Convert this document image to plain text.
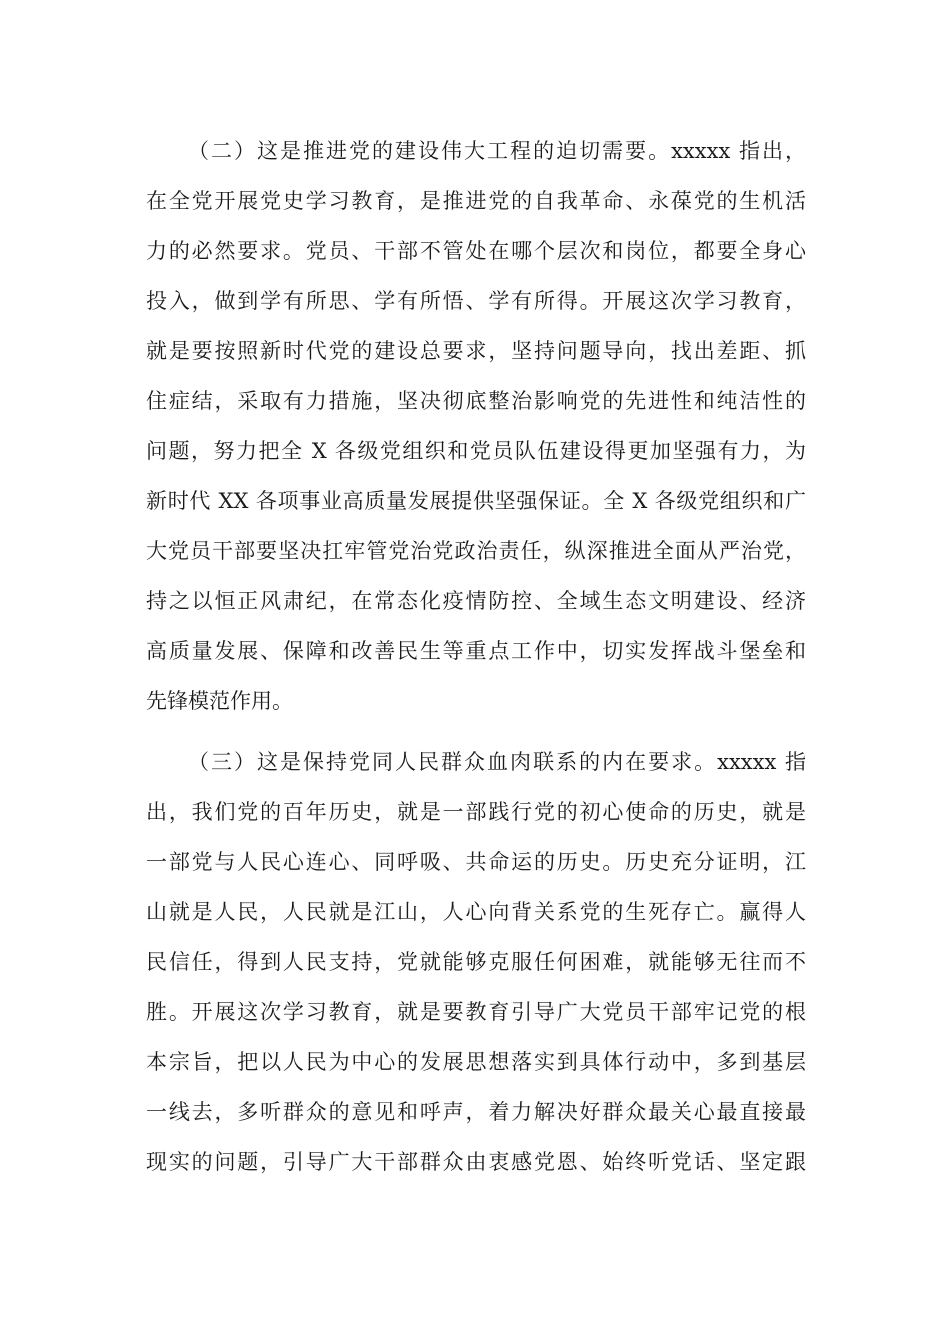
（二）这是推进党的建设伟大工程的迫切需要。xxxxx 指出，
在全党开展党史学习教育，是推进党的自我革命、永葆党的生机活
力的必然要求。党员、干部不管处在哪个层次和岗位，都要全身心
投入，做到学有所思、学有所悟、学有所得。开展这次学习教育，
就是要按照新时代党的建设总要求，坚持问题导向，找出差距、抓
住症结，采取有力措施，坚决彻底整治影响党的先进性和纯洁性的
问题，努力把全 X 各级党组织和党员队伍建设得更加坚强有力，为
新时代 XX 各项事业高质量发展提供坚强保证。全 X 各级党组织和广
大党员干部要坚决扛牢管党治党政治责任，纵深推进全面从严治党，
持之以恒正风肃纪，在常态化疫情防控、全域生态文明建设、经济
高质量发展、保障和改善民生等重点工作中，切实发挥战斗堡垒和
先锋模范作用。
（三）这是保持党同人民群众血肉联系的内在要求。xxxxx 指
出，我们党的百年历史，就是一部践行党的初心使命的历史，就是
一部党与人民心连心、同呼吸、共命运的历史。历史充分证明，江
山就是人民，人民就是江山，人心向背关系党的生死存亡。赢得人
民信任，得到人民支持，党就能够克服任何困难，就能够无往而不
胜。开展这次学习教育，就是要教育引导广大党员干部牢记党的根
本宗旨，把以人民为中心的发展思想落实到具体行动中，多到基层
一线去，多听群众的意见和呼声，着力解决好群众最关心最直接最
现实的问题，引导广大干部群众由衷感党恩、始终听党话、坚定跟
